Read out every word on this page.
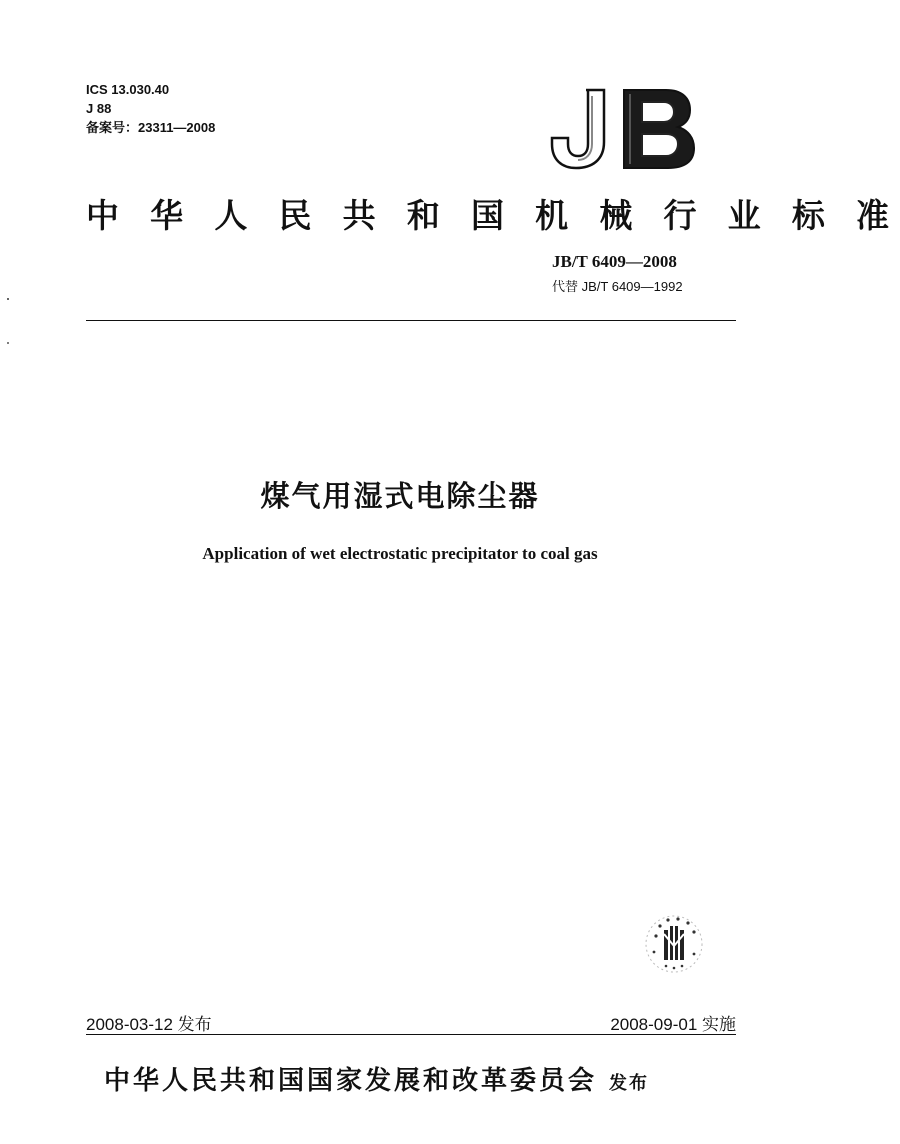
ICS 13.030.40
J 88
备案号：23311—2008
中 华 人 民 共 和 国 机 械 行 业 标 准
JB/T 6409—2008
代替 JB/T 6409—1992
煤气用湿式电除尘器
Application of wet electrostatic precipitator to coal gas
2008-03-12 发布	2008-09-01 实施
中华人民共和国国家发展和改革委员会 发布
